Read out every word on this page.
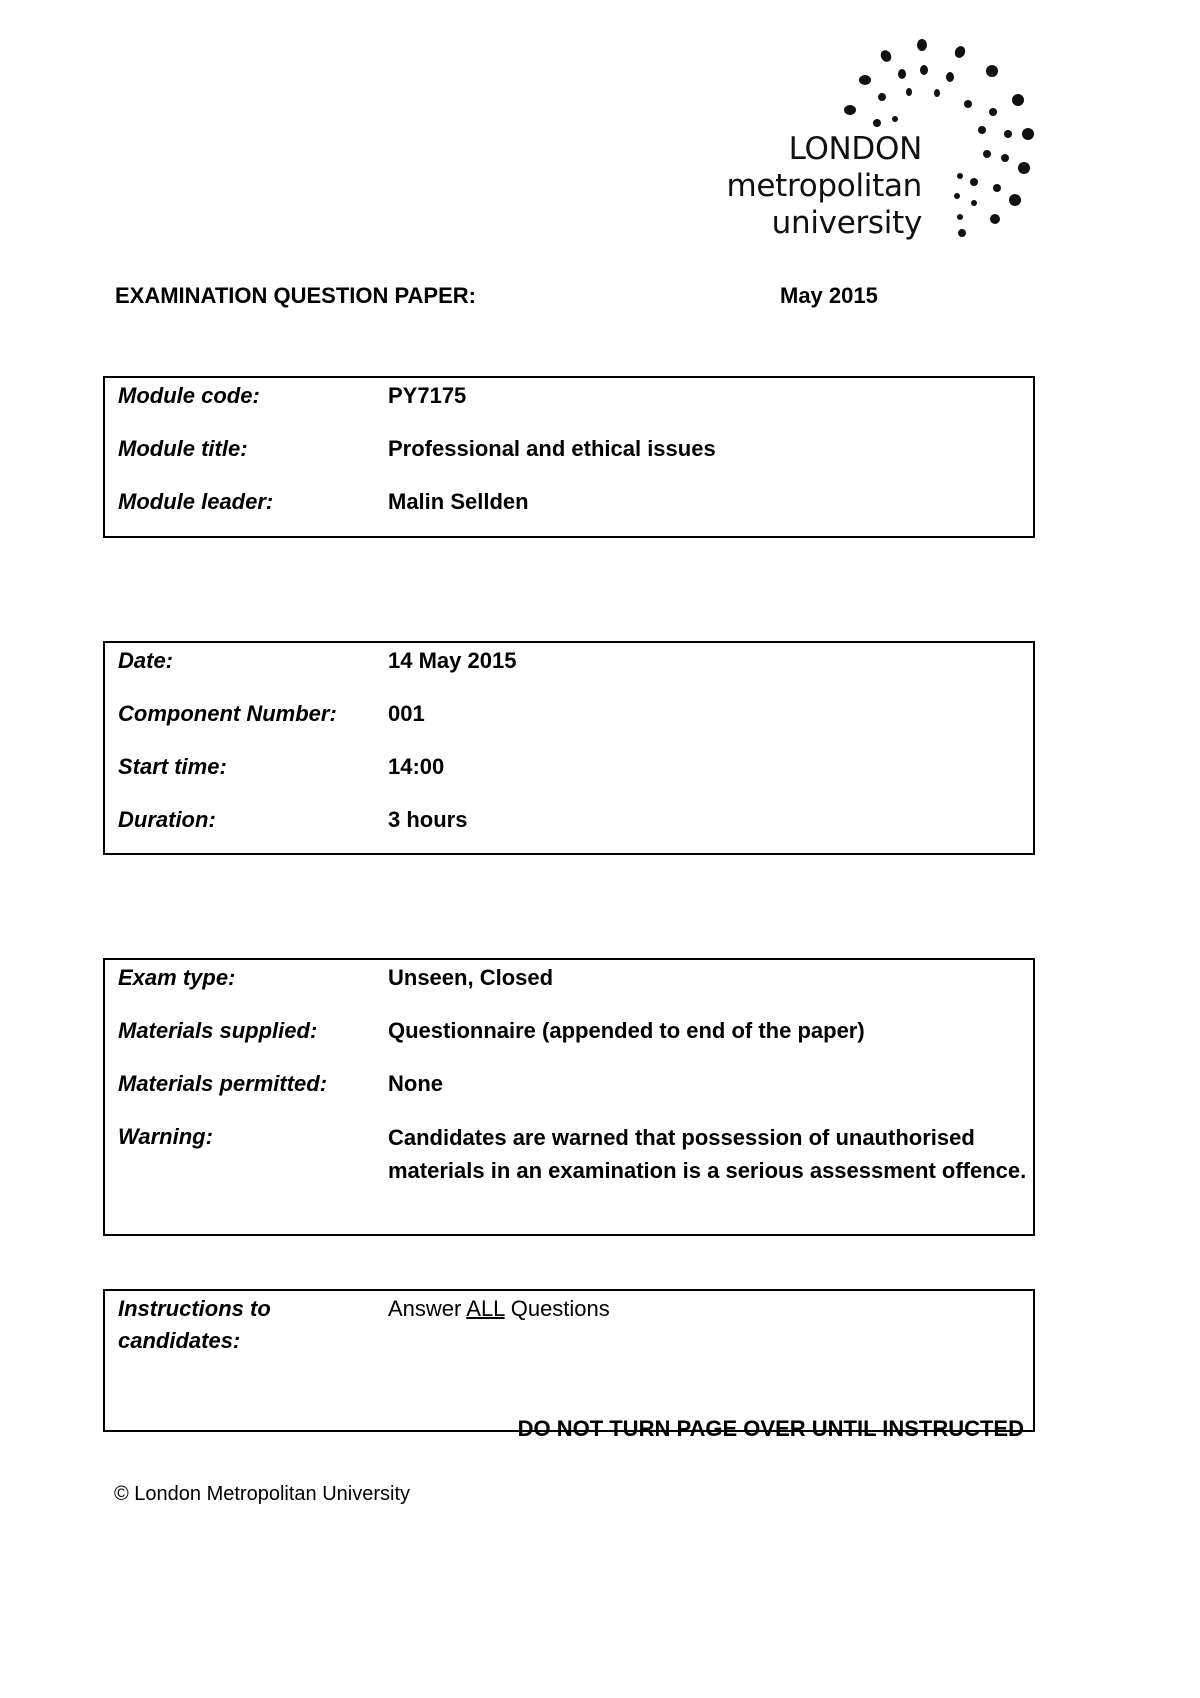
LONDON
metropolitan
university
EXAMINATION QUESTION PAPER:	May 2015
Module code:	PY7175
Module title:	Professional and ethical issues
Module leader:	Malin Sellden
Date:	14 May 2015
Component Number:	001
Start time:	14:00
Duration:	3 hours
Exam type:	Unseen, Closed
Materials supplied:	Questionnaire (appended to end of the paper)
Materials permitted:	None
Warning:	Candidates are warned that possession of unauthorised materials in an examination is a serious assessment offence.
Instructions to candidates:
Answer ALL Questions
DO NOT TURN PAGE OVER UNTIL INSTRUCTED
© London Metropolitan University
